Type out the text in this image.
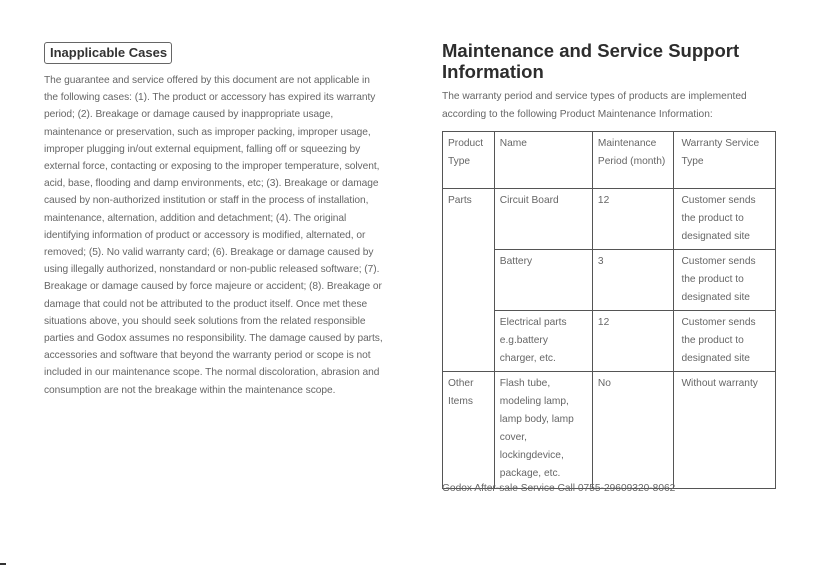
Inapplicable Cases

The guarantee and service offered by this document are not applicable in the following cases: (1). The product or accessory has expired its warranty period; (2). Breakage or damage caused by inappropriate usage, maintenance or preservation, such as improper packing, improper usage, improper plugging in/out external equipment, falling off or squeezing by external force, contacting or exposing to the improper temperature, solvent, acid, base, flooding and damp environments, etc; (3). Breakage or damage caused by non-authorized institution or staff in the process of installation, maintenance, alternation, addition and detachment; (4). The original identifying information of product or accessory is modified, alternated, or removed; (5). No valid warranty card; (6). Breakage or damage caused by using illegally authorized, nonstandard or non-public released software; (7). Breakage or damage caused by force majeure or accident; (8). Breakage or damage that could not be attributed to the product itself. Once met these situations above, you should seek solutions from the related responsible parties and Godox assumes no responsibility. The damage caused by parts, accessories and software that beyond the warranty period or scope is not included in our maintenance scope. The normal discoloration, abrasion and consumption are not the breakage within the maintenance scope.

Maintenance and Service Support Information

The warranty period and service types of products are implemented according to the following Product Maintenance Information:

Product Type	Name	Maintenance Period (month)	Warranty Service Type
Parts	Circuit Board	12	Customer sends the product to designated site
	Battery	3	Customer sends the product to designated site
	Electrical parts e.g.battery charger, etc.	12	Customer sends the product to designated site
Other Items	Flash tube, modeling lamp, lamp body, lamp cover, lockingdevice, package, etc.	No	Without warranty
Godox After-sale Service Call 0755-29609320-8062
